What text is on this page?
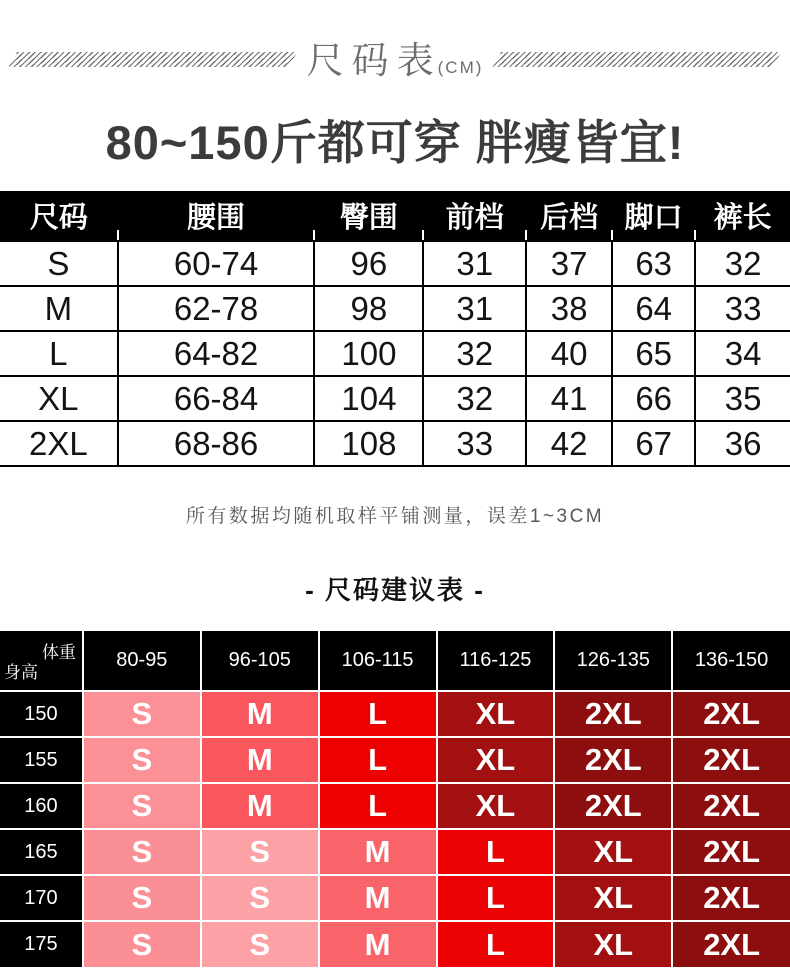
尺码表
(CM)
80~150斤都可穿 胖瘦皆宜!
尺码	腰围	臀围	前档	后档	脚口	裤长
S	60-74	96	31	37	63	32
M	62-78	98	31	38	64	33
L	64-82	100	32	40	65	34
XL	66-84	104	32	41	66	35
2XL	68-86	108	33	42	67	36
所有数据均随机取样平铺测量，误差1~3CM
- 尺码建议表 -
体重
身高	80-95	96-105	106-115	116-125	126-135	136-150
150	S	M	L	XL	2XL	2XL
155	S	M	L	XL	2XL	2XL
160	S	M	L	XL	2XL	2XL
165	S	S	M	L	XL	2XL
170	S	S	M	L	XL	2XL
175	S	S	M	L	XL	2XL
